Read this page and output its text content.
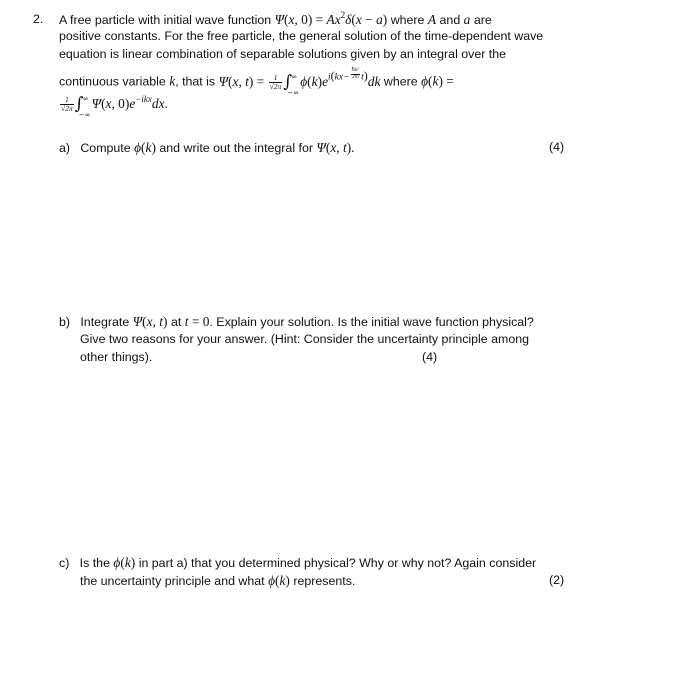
2. A free particle with initial wave function Ψ(x, $0) = Ax^2\delta(x - a)$ where A and a are
positive constants. For the free particle, the general solution of the time-dependent wave
equation is linear combination of separable solutions given by an integral over the
continuous variable k, that is Ψ(x, $t) = \frac{1}{√2\pi}$ ∫ ∞
−∞
$\phi(k)ei(kx- \frac{\text{ℏk²}}{2m} t)dk$ where ϕ(k) =
$\frac{1}{√2\pi}$ ∫ ∞
−∞
Ψ(x, $0)e^{-ikx}dx$.
a) Compute ϕ(k) and write out the integral for Ψ(x, t).	(4)
b) Integrate Ψ(x, t) at t = 0. Explain your solution. Is the initial wave function physical?
Give two reasons for your answer. (Hint: Consider the uncertainty principle among
other things).	(4)
c) Is the ϕ(k) in part a) that you determined physical? Why or why not? Again consider
the uncertainty principle and what ϕ(k) represents.	(2)
